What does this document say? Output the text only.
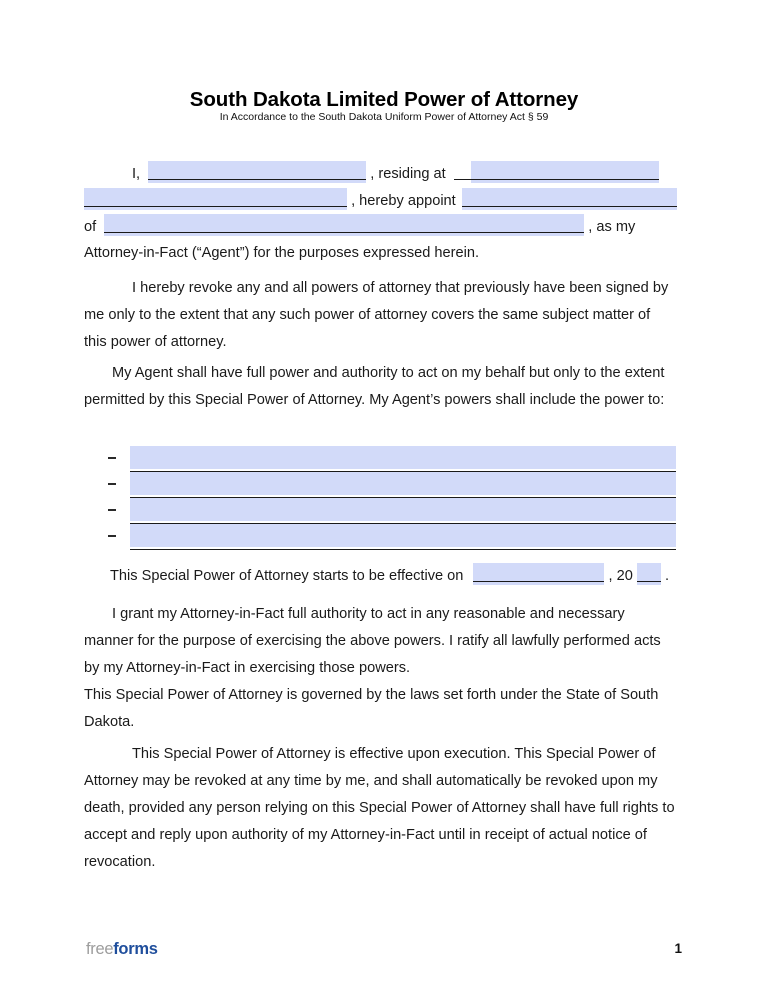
South Dakota Limited Power of Attorney
In Accordance to the South Dakota Uniform Power of Attorney Act § 59
I,	, residing at
, hereby appoint
of	, as my
Attorney-in-Fact (“Agent”) for the purposes expressed herein.
I hereby revoke any and all powers of attorney that previously have been signed by me only to the extent that any such power of attorney covers the same subject matter of this power of attorney.
My Agent shall have full power and authority to act on my behalf but only to the extent permitted by this Special Power of Attorney. My Agent’s powers shall include the power to:
This Special Power of Attorney starts to be effective on	, 20 .
I grant my Attorney-in-Fact full authority to act in any reasonable and necessary manner for the purpose of exercising the above powers. I ratify all lawfully performed acts by my Attorney-in-Fact in exercising those powers.
This Special Power of Attorney is governed by the laws set forth under the State of South Dakota.
This Special Power of Attorney is effective upon execution. This Special Power of Attorney may be revoked at any time by me, and shall automatically be revoked upon my death, provided any person relying on this Special Power of Attorney shall have full rights to accept and reply upon authority of my Attorney-in-Fact until in receipt of actual notice of revocation.
freeforms	1
